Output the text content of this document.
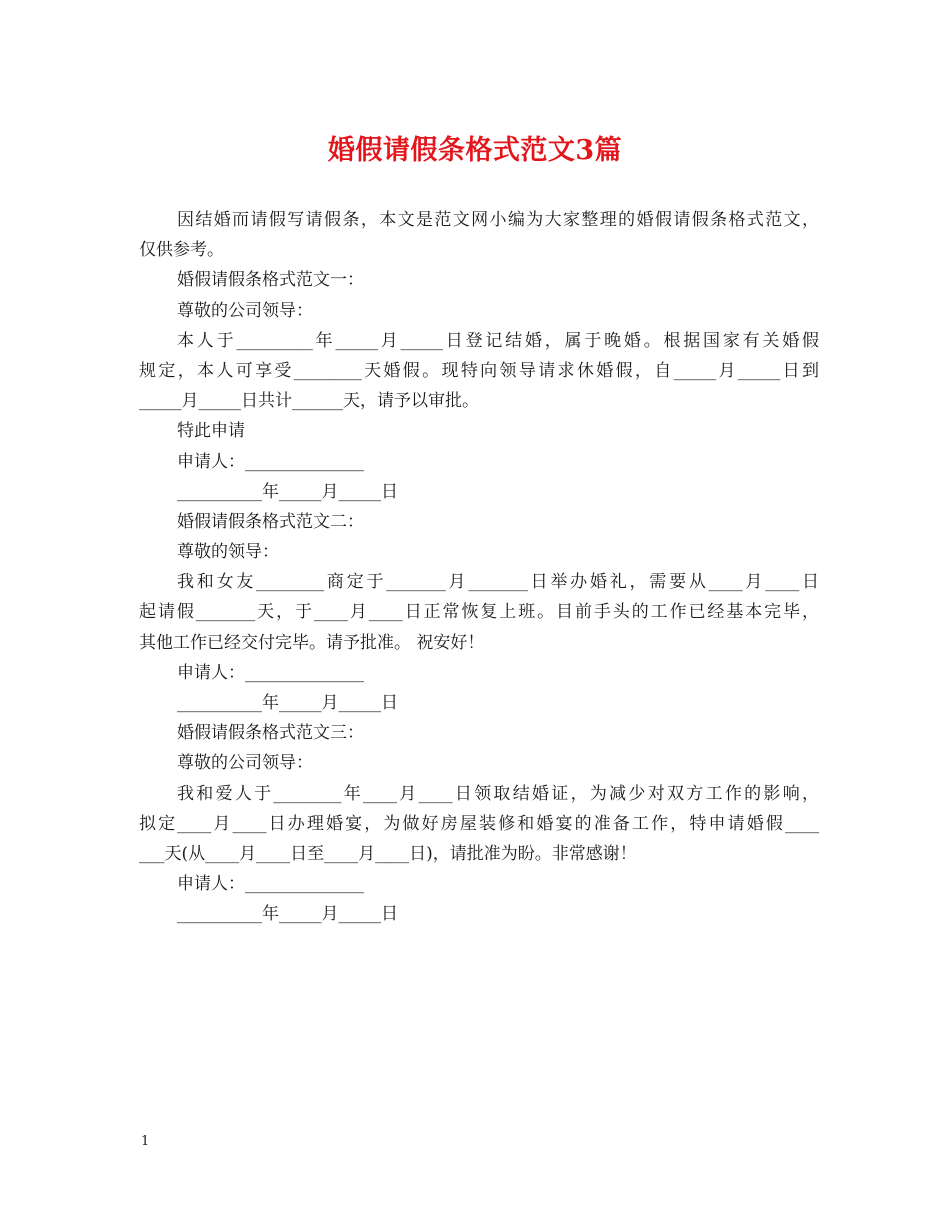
婚假请假条格式范文3篇
因结婚而请假写请假条，本文是范文网小编为大家整理的婚假请假条格式范文，
仅供参考。
婚假请假条格式范文一：
尊敬的公司领导：
本人于_________年_____月_____日登记结婚，属于晚婚。根据国家有关婚假
规定，本人可享受________天婚假。现特向领导请求休婚假，自_____月_____日到
_____月_____日共计______天，请予以审批。
特此申请
申请人：______________
__________年_____月_____日
婚假请假条格式范文二：
尊敬的领导：
我和女友________商定于_______月_______日举办婚礼，需要从____月____日
起请假_______天，于____月____日正常恢复上班。目前手头的工作已经基本完毕，
其他工作已经交付完毕。请予批准。 祝安好！
申请人：______________
__________年_____月_____日
婚假请假条格式范文三：
尊敬的公司领导：
我和爱人于________年____月____日领取结婚证，为减少对双方工作的影响，
拟定____月____日办理婚宴，为做好房屋装修和婚宴的准备工作，特申请婚假____
___天(从____月____日至____月____日)，请批准为盼。非常感谢！
申请人：______________
__________年_____月_____日
1
